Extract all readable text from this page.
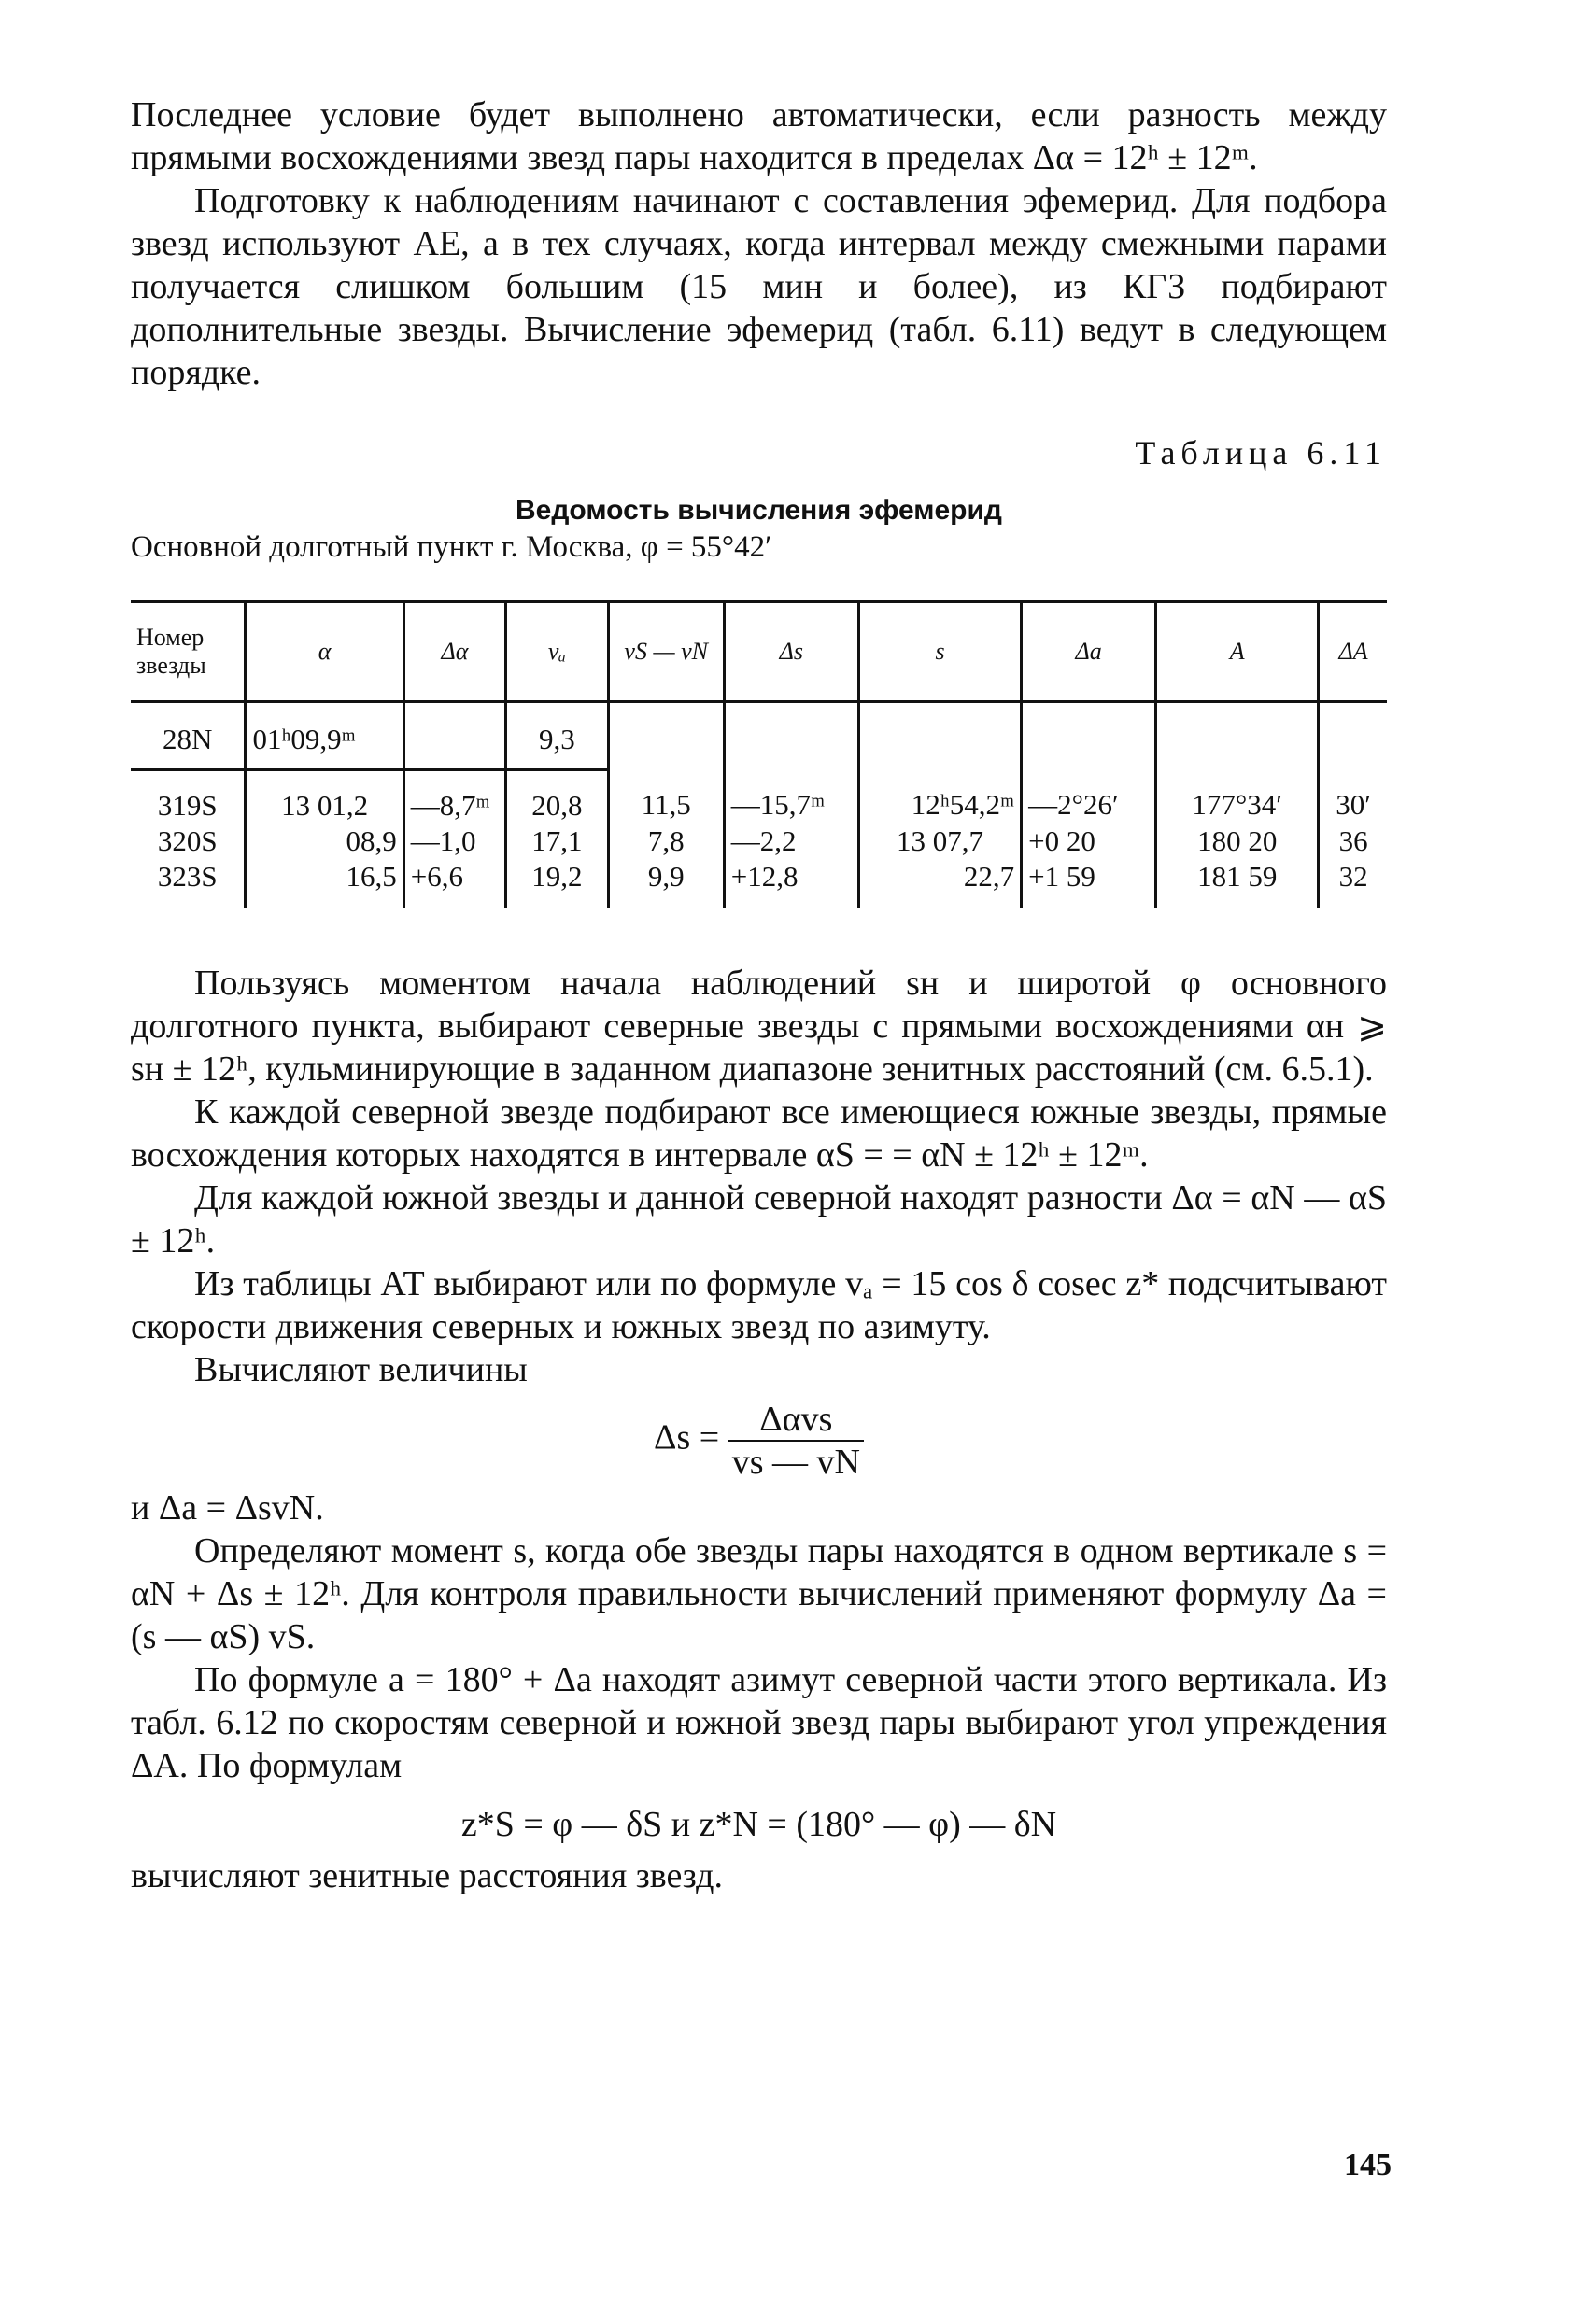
Последнее условие будет выполнено автоматически, если разность между прямыми восхождениями звезд пары находится в пределах Δα = 12ʰ ± 12ᵐ.

Подготовку к наблюдениям начинают с составления эфемерид. Для подбора звезд используют АЕ, а в тех случаях, когда интервал между смежными парами получается слишком большим (15 мин и более), из КГЗ подбирают дополнительные звезды. Вычисление эфемерид (табл. 6.11) ведут в следующем порядке.

Таблица 6.11
Ведомость вычисления эфемерид
Основной долготный пункт г. Москва, φ = 55°42′
Номер звезды	α	Δα	vₐ	vS — vN	Δs	s	Δa	A	ΔA
28N	01ʰ09,9ᵐ		9,3						
319S	13 01,2	—8,7ᵐ	20,8	11,5	—15,7ᵐ	12ʰ54,2ᵐ	—2°26′	177°34′	30′
320S	08,9	—1,0	17,1	7,8	—2,2	13 07,7	+0 20	180 20	36
323S	16,5	+6,6	19,2	9,9	+12,8	22,7	+1 59	181 59	32

Пользуясь моментом начала наблюдений sн и широтой φ основного долготного пункта, выбирают северные звезды с прямыми восхождениями αн ⩾ sн ± 12ʰ, кульминирующие в заданном диапазоне зенитных расстояний (см. 6.5.1).

К каждой северной звезде подбирают все имеющиеся южные звезды, прямые восхождения которых находятся в интервале αS = = αN ± 12ʰ ± 12ᵐ.

Для каждой южной звезды и данной северной находят разности Δα = αN — αS ± 12ʰ.

Из таблицы АТ выбирают или по формуле vₐ = 15 cos δ cosec z* подсчитывают скорости движения северных и южных звезд по азимуту.

Вычисляют величины

$\Delta s = \frac{\text{Δαvs}}{vs — vN}$

и Δa = ΔsvN.

Определяют момент s, когда обе звезды пары находятся в одном вертикале s = αN + Δs ± 12ʰ. Для контроля правильности вычислений применяют формулу Δa = (s — αS) vS.

По формуле a = 180° + Δa находят азимут северной части этого вертикала. Из табл. 6.12 по скоростям северной и южной звезд пары выбирают угол упреждения ΔA. По формулам

z*S = φ — δS и z*N = (180° — φ) — δN

вычисляют зенитные расстояния звезд.

145
